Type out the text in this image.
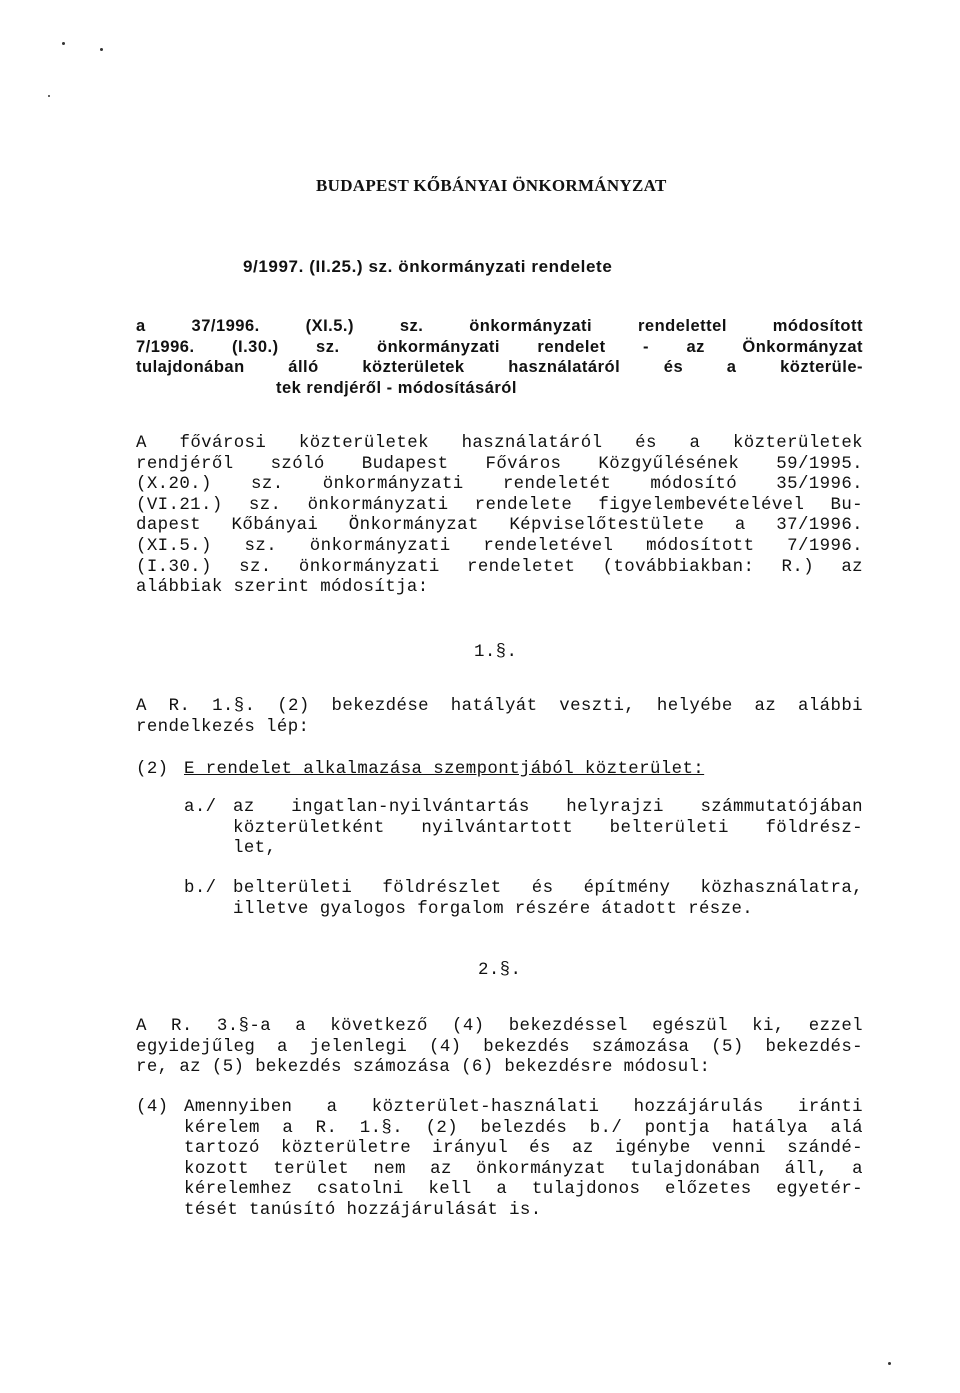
BUDAPEST KŐBÁNYAI ÖNKORMÁNYZAT
9/1997. (II.25.) sz. önkormányzati rendelete
a 37/1996. (XI.5.) sz. önkormányzati rendelettel módosított
7/1996. (I.30.) sz. önkormányzati rendelet - az Önkormányzat
tulajdonában álló közterületek használatáról és a közterüle-
tek rendjéről - módosításáról
A fővárosi közterületek használatáról és a közterületek
rendjéről szóló Budapest Főváros Közgyűlésének 59/1995.
(X.20.) sz. önkormányzati rendeletét módosító 35/1996.
(VI.21.) sz. önkormányzati rendelete figyelembevételével Bu-
dapest Kőbányai Önkormányzat Képviselőtestülete a 37/1996.
(XI.5.) sz. önkormányzati rendeletével módosított 7/1996.
(I.30.) sz. önkormányzati rendeletet (továbbiakban: R.) az
alábbiak szerint módosítja:
1.§.
A R. 1.§. (2) bekezdése hatályát veszti, helyébe az alábbi
rendelkezés lép:
(2) E rendelet alkalmazása szempontjából közterület:
a./ az ingatlan-nyilvántartás helyrajzi számmutatójában
közterületként nyilvántartott belterületi földrész-
let,
b./ belterületi földrészlet és építmény közhasználatra,
illetve gyalogos forgalom részére átadott része.
2.§.
A R. 3.§-a a következő (4) bekezdéssel egészül ki, ezzel
egyidejűleg a jelenlegi (4) bekezdés számozása (5) bekezdés-
re, az (5) bekezdés számozása (6) bekezdésre módosul:
(4) Amennyiben a közterület-használati hozzájárulás iránti
kérelem a R. 1.§. (2) belezdés b./ pontja hatálya alá
tartozó közterületre irányul és az igénybe venni szándé-
kozott terület nem az önkormányzat tulajdonában áll, a
kérelemhez csatolni kell a tulajdonos előzetes egyetér-
tését tanúsító hozzájárulását is.
